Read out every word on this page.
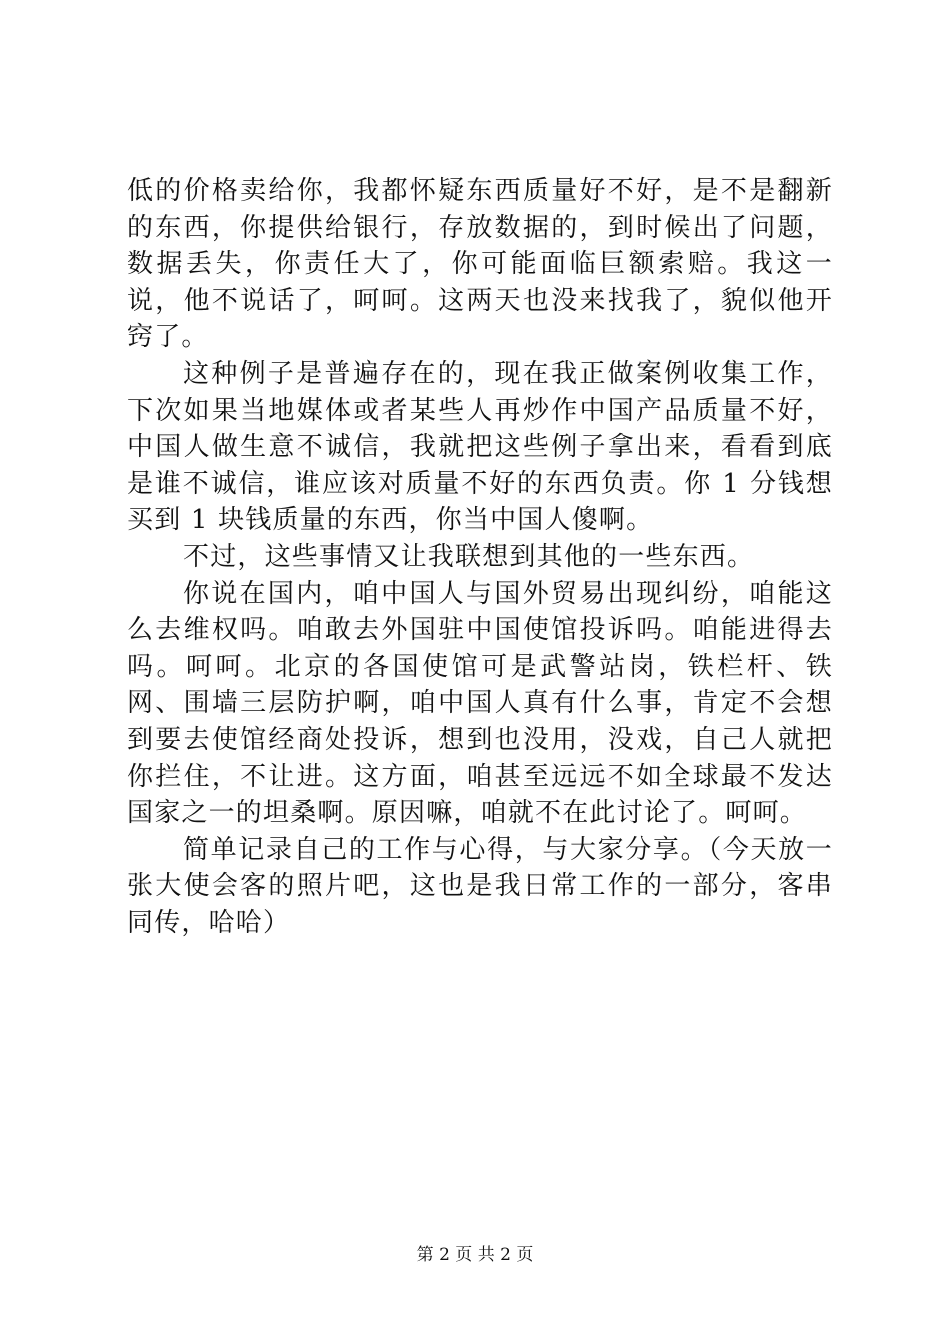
低的价格卖给你，我都怀疑东西质量好不好，是不是翻新的东西，你提供给银行，存放数据的，到时候出了问题，数据丢失，你责任大了，你可能面临巨额索赔。我这一说，他不说话了，呵呵。这两天也没来找我了，貌似他开窍了。

这种例子是普遍存在的，现在我正做案例收集工作，下次如果当地媒体或者某些人再炒作中国产品质量不好，中国人做生意不诚信，我就把这些例子拿出来，看看到底是谁不诚信，谁应该对质量不好的东西负责。你 1 分钱想买到 1 块钱质量的东西，你当中国人傻啊。

不过，这些事情又让我联想到其他的一些东西。

你说在国内，咱中国人与国外贸易出现纠纷，咱能这么去维权吗。咱敢去外国驻中国使馆投诉吗。咱能进得去吗。呵呵。北京的各国使馆可是武警站岗，铁栏杆、铁网、围墙三层防护啊，咱中国人真有什么事，肯定不会想到要去使馆经商处投诉，想到也没用，没戏，自己人就把你拦住，不让进。这方面，咱甚至远远不如全球最不发达国家之一的坦桑啊。原因嘛，咱就不在此讨论了。呵呵。

简单记录自己的工作与心得，与大家分享。（今天放一张大使会客的照片吧，这也是我日常工作的一部分，客串同传，哈哈）

第 2 页 共 2 页
